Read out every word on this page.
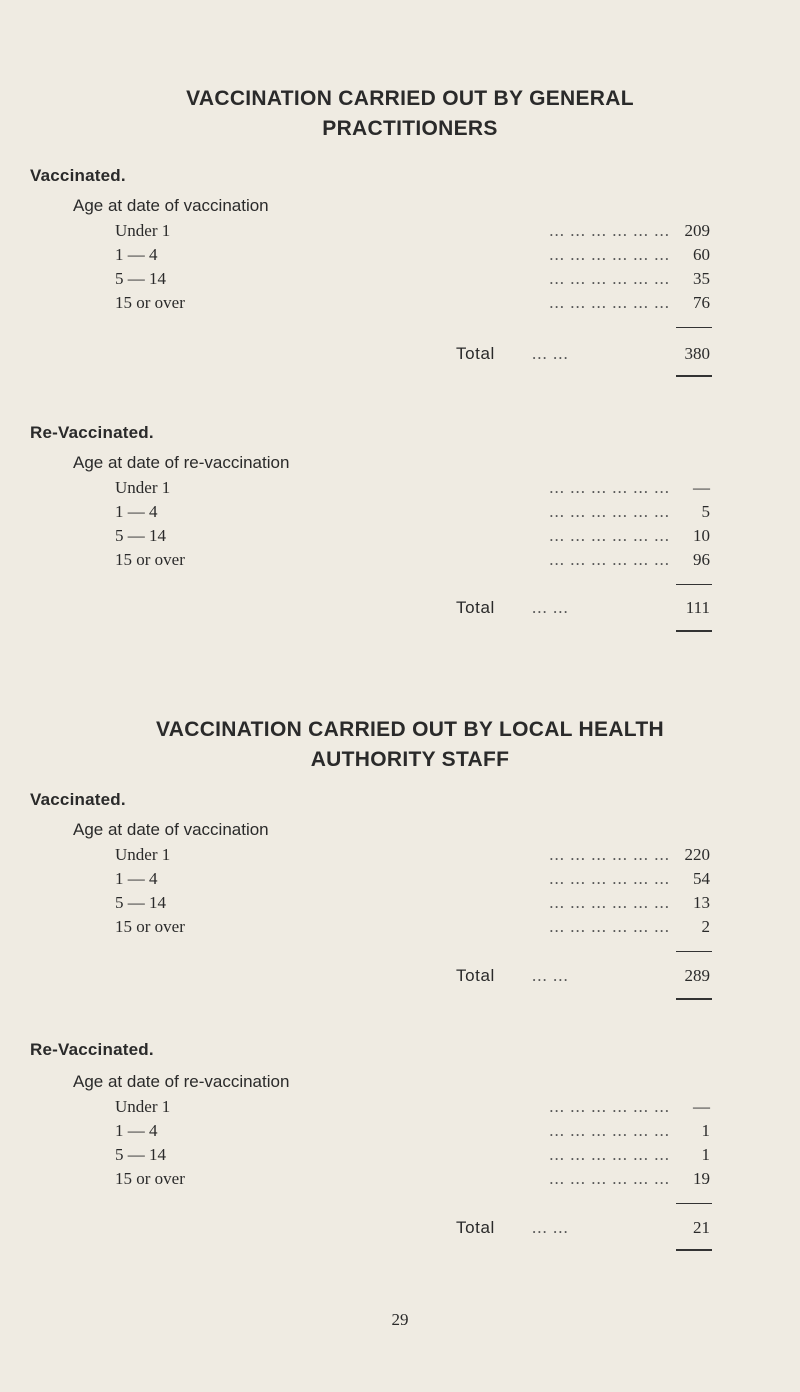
VACCINATION CARRIED OUT BY GENERAL
PRACTITIONERS
Vaccinated.
Age at date of vaccination
Under 1	... ... ... ... ... ... 209
1 — 4	... ... ... ... ... ...	60
5 — 14	... ... ... ... ... ...	35
15 or over	... ... ... ... ... ...	76
Total ... ...	380
Re-Vaccinated.
Age at date of re-vaccination
Under 1	... ... ... ... ... ...	—
1 — 4	... ... ... ... ... ...	5
5 — 14	... ... ... ... ... ...	10
15 or over	... ... ... ... ... ...	96
Total ... ...	111
VACCINATION CARRIED OUT BY LOCAL HEALTH
AUTHORITY STAFF
Vaccinated.
Age at date of vaccination
Under 1	... ... ... ... ... ... 220
1 — 4	... ... ... ... ... ...	54
5 — 14	... ... ... ... ... ...	13
15 or over	... ... ... ... ... ...	2
Total ... ...	289
Re-Vaccinated.
Age at date of re-vaccination
Under 1	... ... ... ... ... ...	—
1 — 4	... ... ... ... ... ...	1
5 — 14	... ... ... ... ... ...	1
15 or over	... ... ... ... ... ...	19
Total ... ...	21
29
